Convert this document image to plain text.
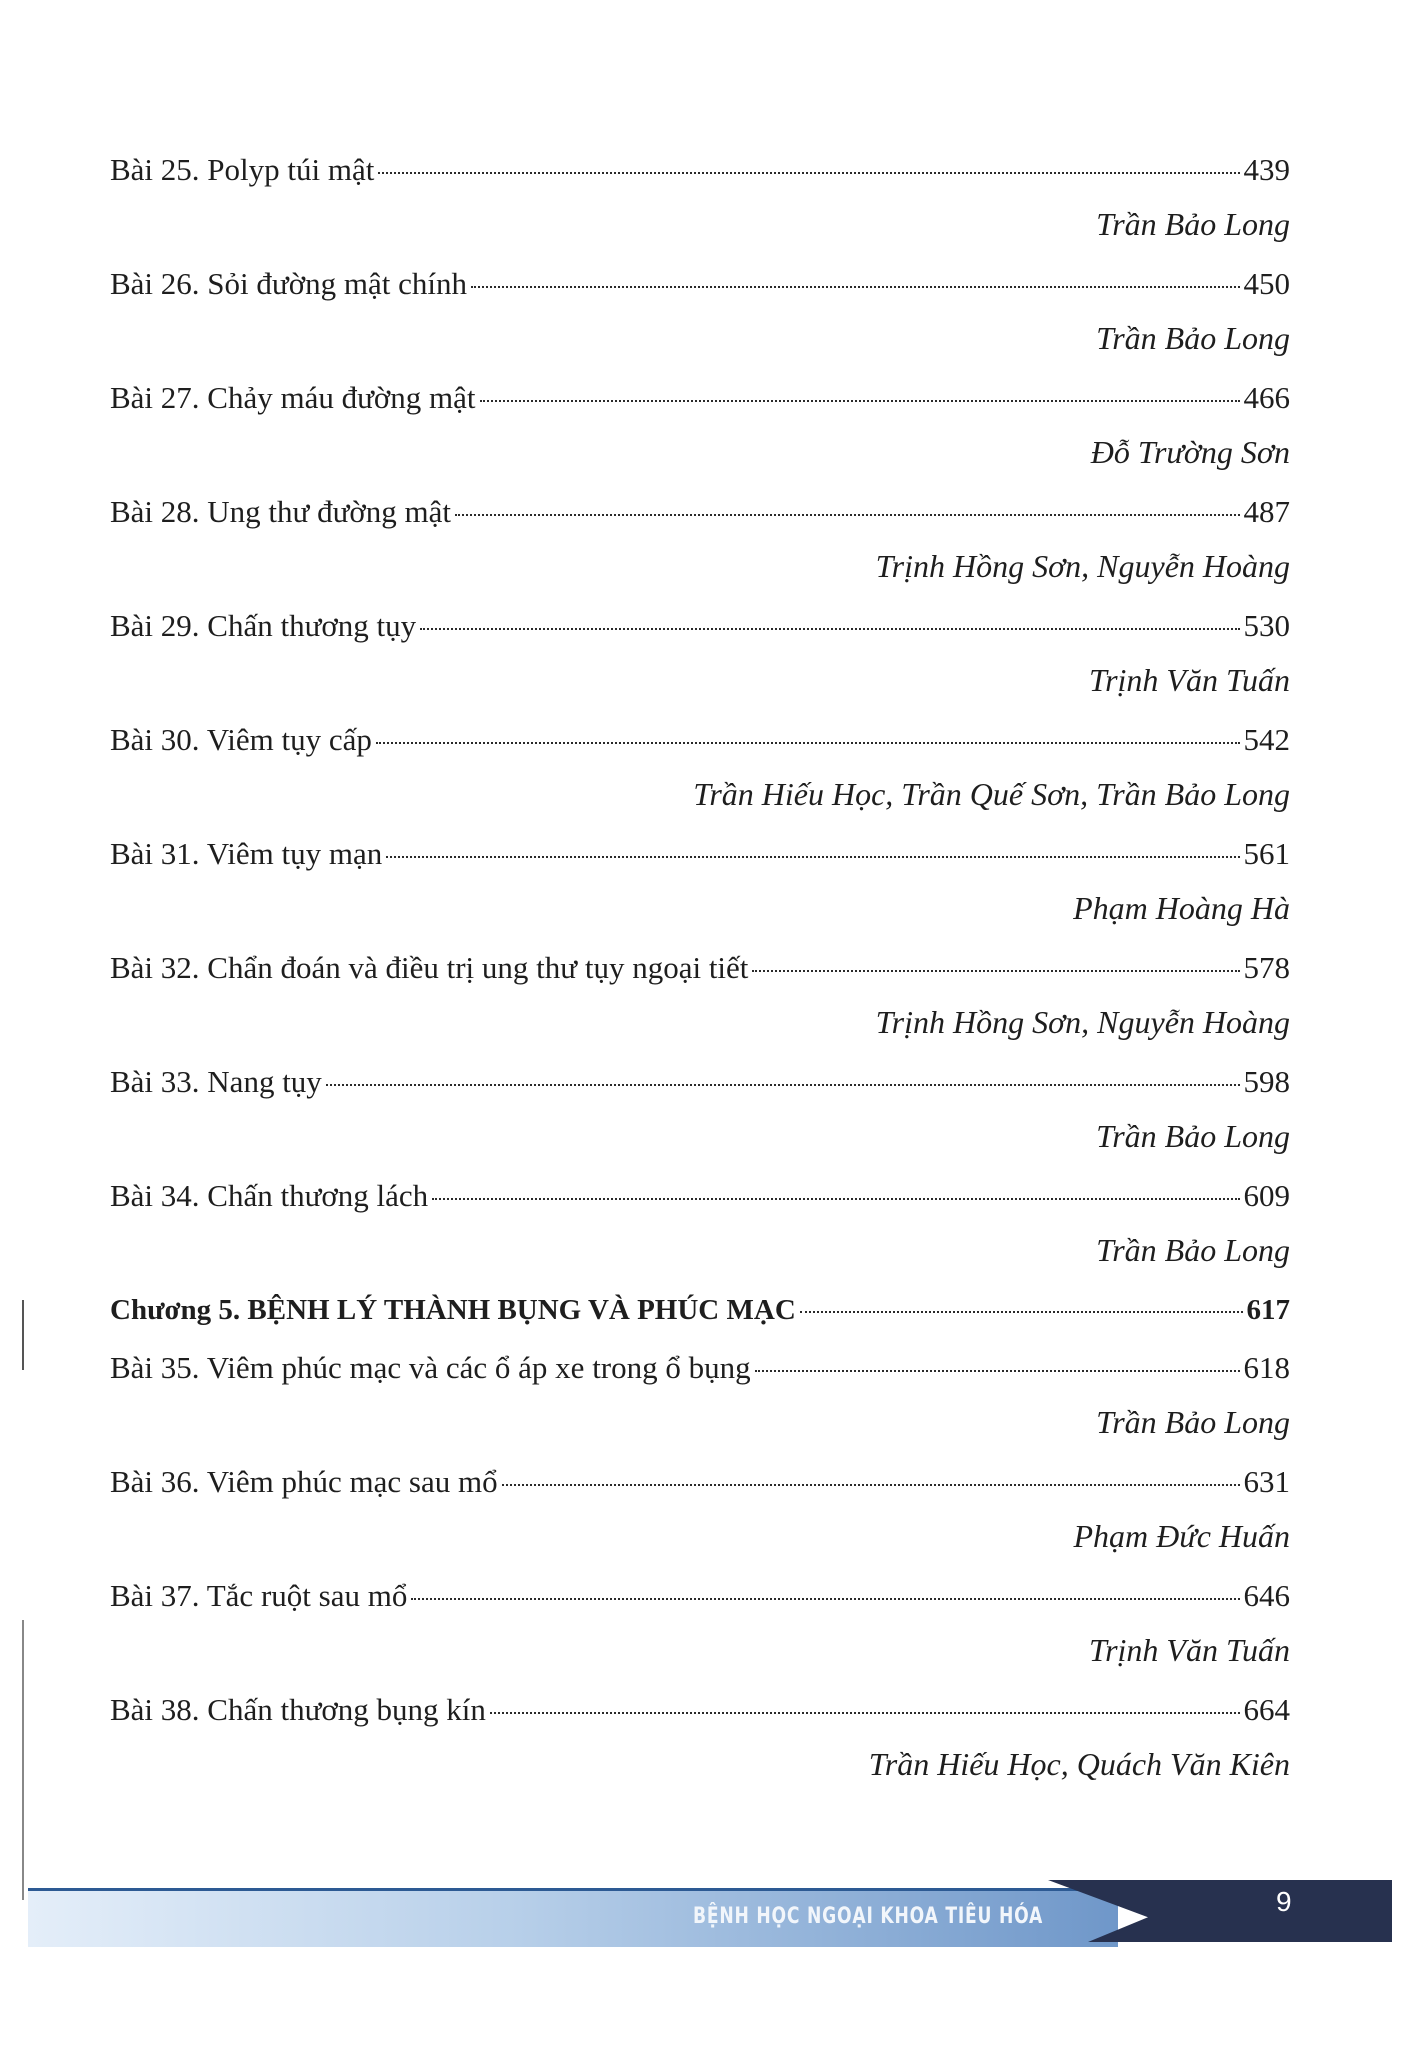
Bài 25. Polyp túi mật	439
Trần Bảo Long
Bài 26. Sỏi đường mật chính	450
Trần Bảo Long
Bài 27. Chảy máu đường mật	466
Đỗ Trường Sơn
Bài 28. Ung thư đường mật	487
Trịnh Hồng Sơn, Nguyễn Hoàng
Bài 29. Chấn thương tụy	530
Trịnh Văn Tuấn
Bài 30. Viêm tụy cấp	542
Trần Hiếu Học, Trần Quế Sơn, Trần Bảo Long
Bài 31. Viêm tụy mạn	561
Phạm Hoàng Hà
Bài 32. Chẩn đoán và điều trị ung thư tụy ngoại tiết	578
Trịnh Hồng Sơn, Nguyễn Hoàng
Bài 33. Nang tụy	598
Trần Bảo Long
Bài 34. Chấn thương lách	609
Trần Bảo Long
Chương 5. BỆNH LÝ THÀNH BỤNG VÀ PHÚC MẠC	617
Bài 35. Viêm phúc mạc và các ổ áp xe trong ổ bụng	618
Trần Bảo Long
Bài 36. Viêm phúc mạc sau mổ	631
Phạm Đức Huấn
Bài 37. Tắc ruột sau mổ	646
Trịnh Văn Tuấn
Bài 38. Chấn thương bụng kín	664
Trần Hiếu Học, Quách Văn Kiên
BỆNH HỌC NGOẠI KHOA TIÊU HÓA	9
